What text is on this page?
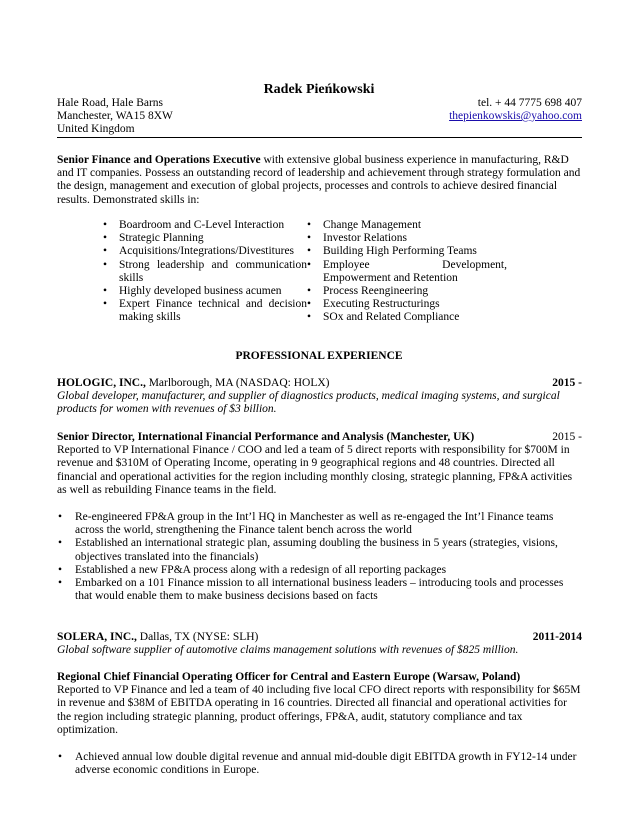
Radek Pieńkowski
Hale Road, Hale Barns	tel. + 44 7775 698 407
Manchester, WA15 8XW	thepienkowskis@yahoo.com
United Kingdom
Senior Finance and Operations Executive with extensive global business experience in manufacturing, R&D and IT companies. Possess an outstanding record of leadership and achievement through strategy formulation and the design, management and execution of global projects, processes and controls to achieve desired financial results. Demonstrated skills in:
• Boardroom and C-Level Interaction
• Strategic Planning
• Acquisitions/Integrations/Divestitures
• Strong leadership and communication skills
• Highly developed business acumen
• Expert Finance technical and decision making skills
• Change Management
• Investor Relations
• Building High Performing Teams
• Employee Development, Empowerment and Retention
• Process Reengineering
• Executing Restructurings
• SOx and Related Compliance
PROFESSIONAL EXPERIENCE
HOLOGIC, INC., Marlborough, MA (NASDAQ: HOLX)	2015 -
Global developer, manufacturer, and supplier of diagnostics products, medical imaging systems, and surgical products for women with revenues of $3 billion.
Senior Director, International Financial Performance and Analysis (Manchester, UK)	2015 -
Reported to VP International Finance / COO and led a team of 5 direct reports with responsibility for $700M in revenue and $310M of Operating Income, operating in 9 geographical regions and 48 countries. Directed all financial and operational activities for the region including monthly closing, strategic planning, FP&A activities as well as rebuilding Finance teams in the field.
• Re-engineered FP&A group in the Int’l HQ in Manchester as well as re-engaged the Int’l Finance teams across the world, strengthening the Finance talent bench across the world
• Established an international strategic plan, assuming doubling the business in 5 years (strategies, visions, objectives translated into the financials)
• Established a new FP&A process along with a redesign of all reporting packages
• Embarked on a 101 Finance mission to all international business leaders – introducing tools and processes that would enable them to make business decisions based on facts
SOLERA, INC., Dallas, TX (NYSE: SLH)	2011-2014
Global software supplier of automotive claims management solutions with revenues of $825 million.
Regional Chief Financial Operating Officer for Central and Eastern Europe (Warsaw, Poland)
Reported to VP Finance and led a team of 40 including five local CFO direct reports with responsibility for $65M in revenue and $38M of EBITDA operating in 16 countries. Directed all financial and operational activities for the region including strategic planning, product offerings, FP&A, audit, statutory compliance and tax optimization.
• Achieved annual low double digital revenue and annual mid-double digit EBITDA growth in FY12-14 under adverse economic conditions in Europe.
